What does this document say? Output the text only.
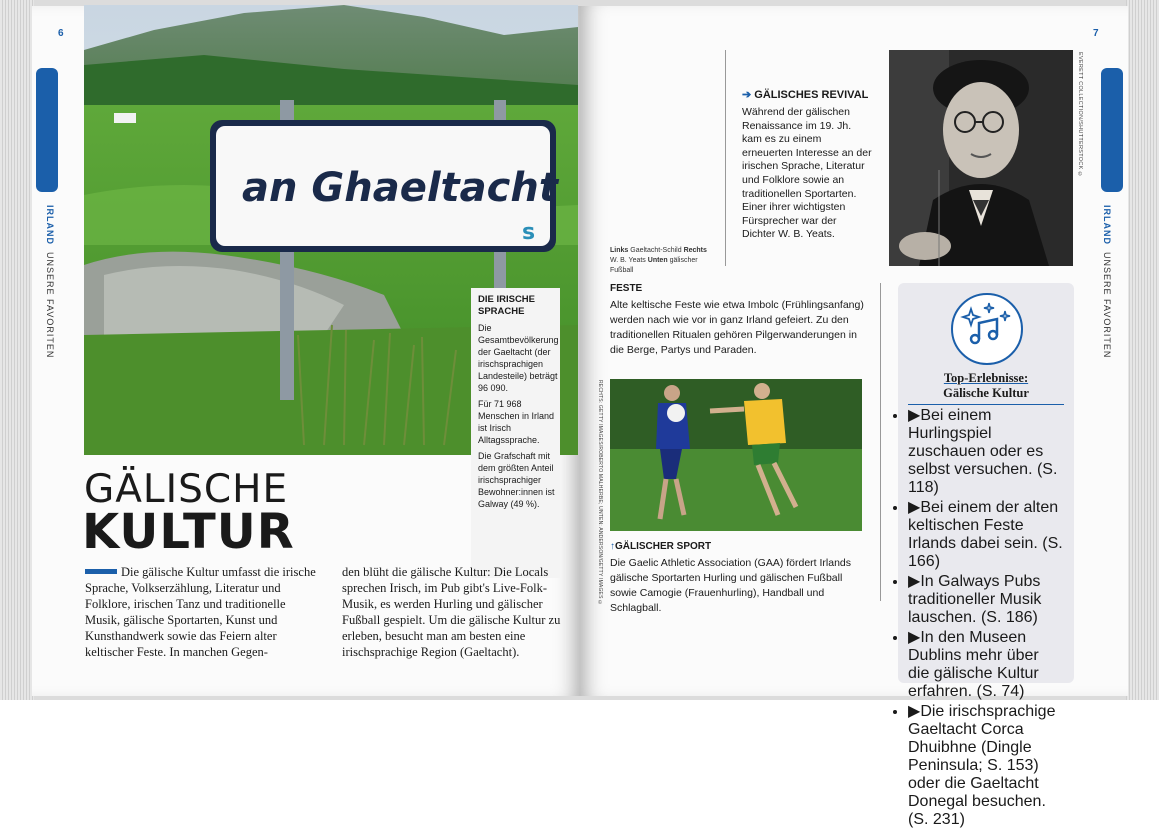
6
IRLAND  UNSERE FAVORITEN
an Ghaeltacht
ꜱ
DIE IRISCHE SPRACHE
Die Gesamtbevölkerung der Gaeltacht (der irischsprachigen Landesteile) beträgt 96 090.
Für 71 968 Menschen in Irland ist Irisch Alltagssprache.
Die Grafschaft mit dem größten Anteil irischsprachiger Bewohner:innen ist Galway (49 %).
GÄLISCHE
KULTUR
Die gälische Kultur umfasst die irische Sprache, Volkserzählung, Literatur und Folklore, irischen Tanz und traditionelle Musik, gälische Sportarten, Kunst und Kunsthandwerk sowie das Feiern alter keltischer Feste. In manchen Gegen-
den blüht die gälische Kultur: Die Locals sprechen Irisch, im Pub gibt's Live-Folk-Musik, es werden Hurling und gälischer Fußball gespielt. Um die gälische Kultur zu erleben, besucht man am besten eine irischsprachige Region (Gaeltacht).
7
IRLAND  UNSERE FAVORITEN
Links Gaeltacht-Schild Rechts
W. B. Yeats Unten gälischer Fußball
➔ GÄLISCHES REVIVAL
Während der gälischen Renaissance im 19. Jh. kam es zu einem erneuerten Interesse an der irischen Sprache, Literatur und Folklore sowie an traditionellen Sportarten. Einer ihrer wichtigsten Fürsprecher war der Dichter W. B. Yeats.
EVERETT COLLECTION/SHUTTERSTOCK ©
FESTE
Alte keltische Feste wie etwa Imbolc (Frühlingsanfang) werden nach wie vor in ganz Irland gefeiert. Zu den traditionellen Ritualen gehören Pilgerwanderungen in die Berge, Partys und Paraden.
RECHTS: GETTY IMAGES/ROBERTO MALHERBE; UNTEN: ANDERSON/GETTY IMAGES © ↑GÄLISCHER SPORT
Die Gaelic Athletic Association (GAA) fördert Irlands gälische Sportarten Hurling und gälischen Fußball sowie Camogie (Frauenhurling), Handball und Schlagball.
Top-Erlebnisse:
Gälische Kultur
• ▶Bei einem Hurlingspiel zuschauen oder es selbst versuchen. (S. 118)
• ▶Bei einem der alten keltischen Feste Irlands dabei sein. (S. 166)
• ▶In Galways Pubs traditioneller Musik lauschen. (S. 186)
• ▶In den Museen Dublins mehr über die gälische Kultur erfahren. (S. 74)
• ▶Die irischsprachige Gaeltacht Corca Dhuibhne (Dingle Peninsula; S. 153) oder die Gaeltacht Donegal besuchen. (S. 231)
